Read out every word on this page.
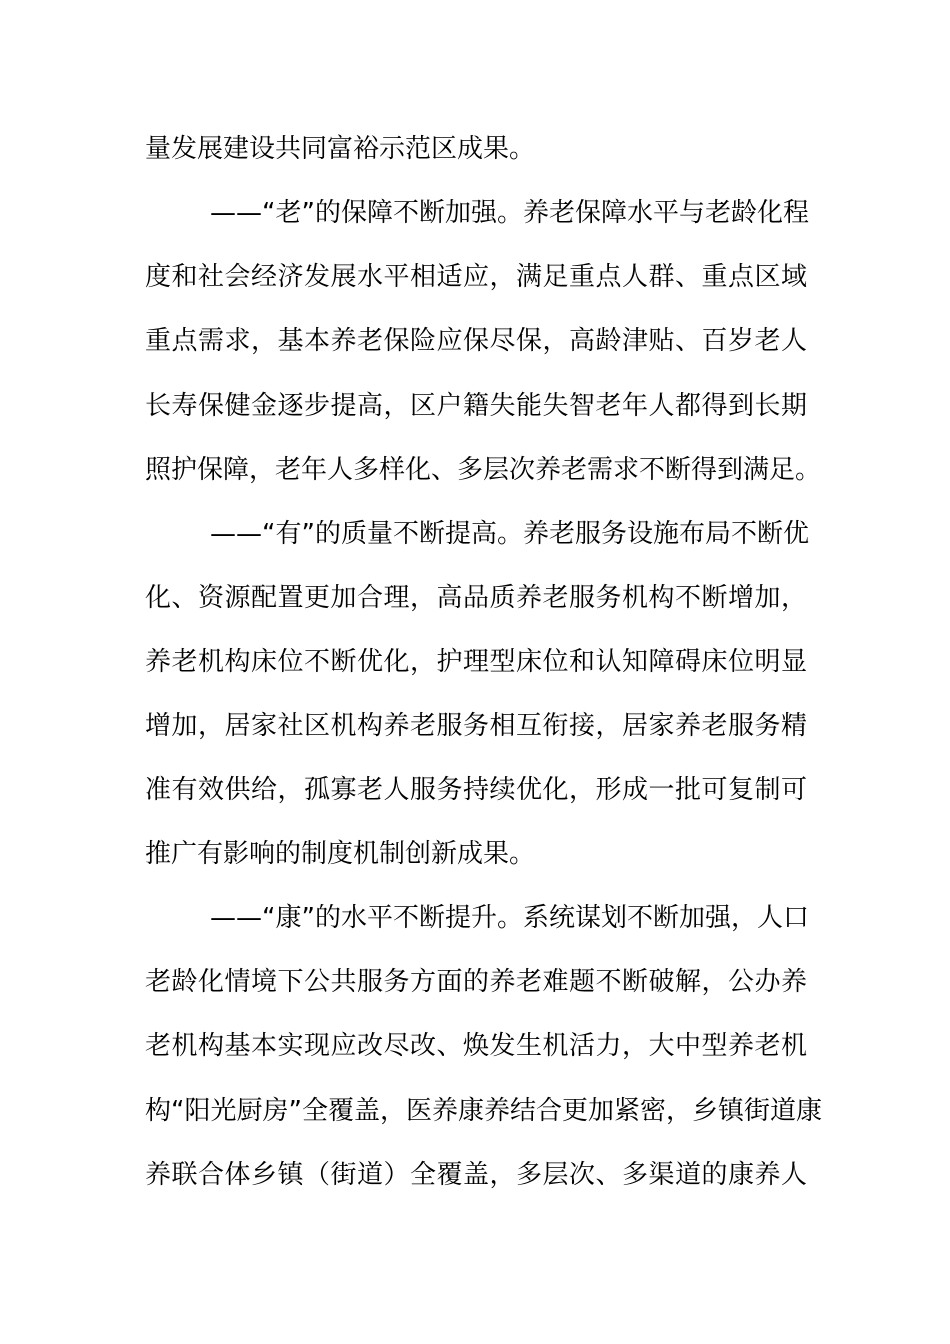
量发展建设共同富裕示范区成果。
——“老”的保障不断加强。养老保障水平与老龄化程
度和社会经济发展水平相适应，满足重点人群、重点区域
重点需求，基本养老保险应保尽保，高龄津贴、百岁老人
长寿保健金逐步提高，区户籍失能失智老年人都得到长期
照护保障，老年人多样化、多层次养老需求不断得到满足。
——“有”的质量不断提高。养老服务设施布局不断优
化、资源配置更加合理，高品质养老服务机构不断增加，
养老机构床位不断优化，护理型床位和认知障碍床位明显
增加，居家社区机构养老服务相互衔接，居家养老服务精
准有效供给，孤寡老人服务持续优化，形成一批可复制可
推广有影响的制度机制创新成果。
——“康”的水平不断提升。系统谋划不断加强，人口
老龄化情境下公共服务方面的养老难题不断破解，公办养
老机构基本实现应改尽改、焕发生机活力，大中型养老机
构“阳光厨房”全覆盖，医养康养结合更加紧密，乡镇街道康
养联合体乡镇（街道）全覆盖，多层次、多渠道的康养人
